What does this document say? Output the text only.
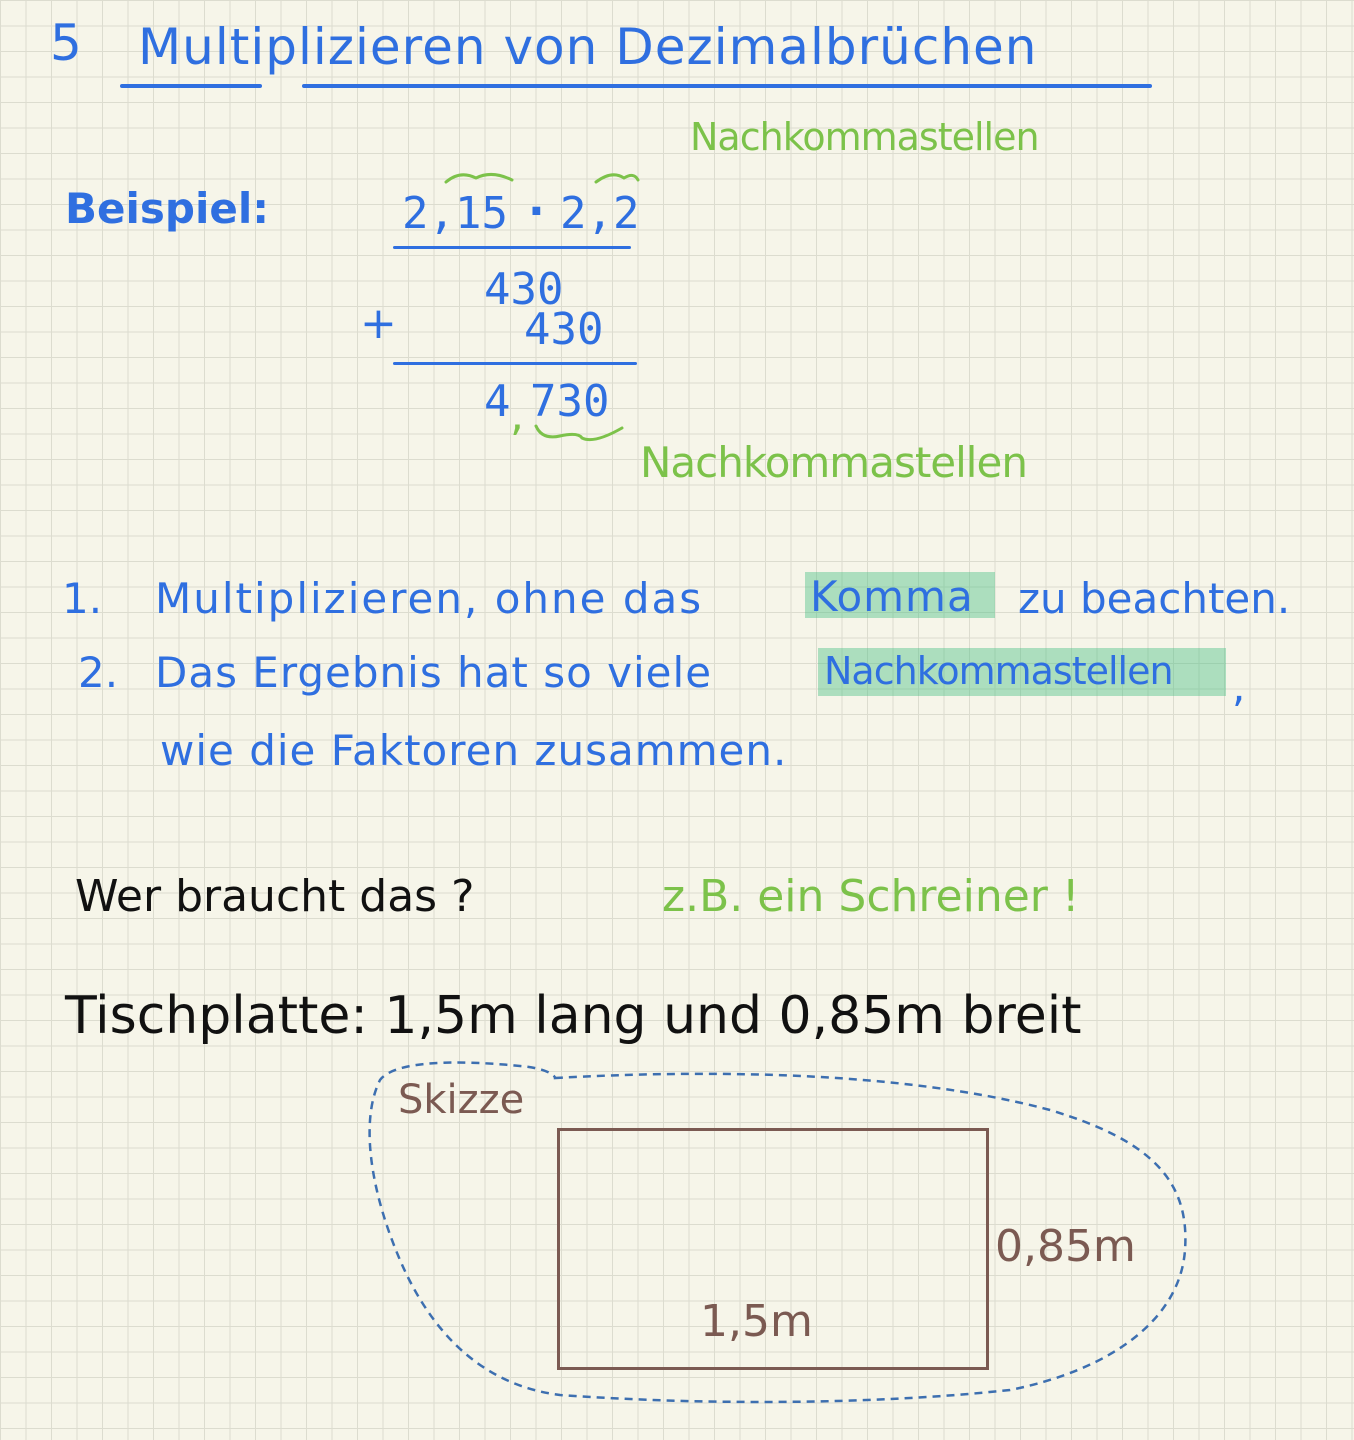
5 Multiplizieren von Dezimalbrüchen
Nachkommastellen
Beispiel:	2,15 · 2,2
430
+	430
4 , 730
Nachkommastellen
1. Multiplizieren, ohne das	Komma zu beachten.
2. Das Ergebnis hat so viele	Nachkommastellen ,
wie die Faktoren zusammen.
Wer braucht das ?	z.B. ein Schreiner !
Tischplatte: 1,5m lang und 0,85m breit
Skizze
0,85m
1,5m
